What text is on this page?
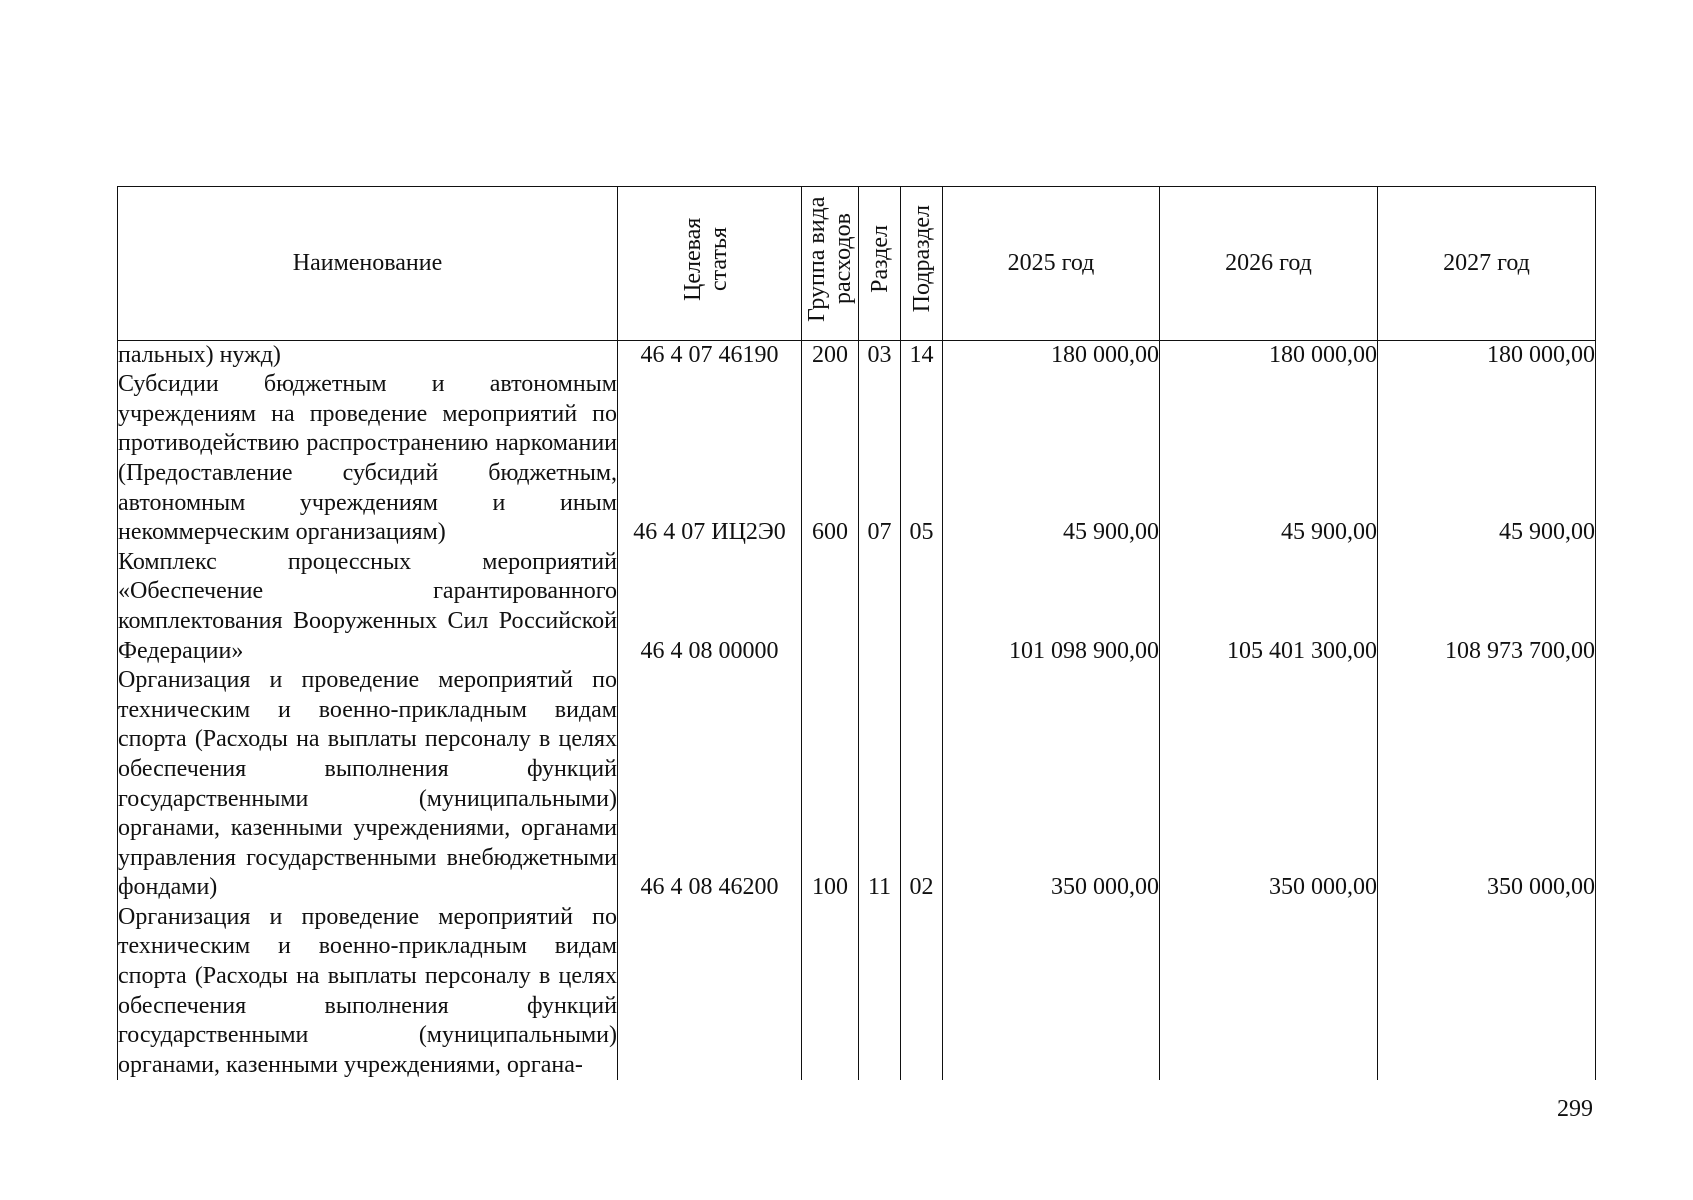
Наименование	Целевая статья	Группа вида расходов	Раздел	Подраздел	2025 год	2026 год	2027 год
пальных) нужд)	46 4 07 46190	200	03	14	180 000,00	180 000,00	180 000,00
Субсидии бюджетным и автономным учреждениям на проведение мероприятий по противодействию распространению наркомании (Предоставление субсидий бюджетным, автономным учреждениям и иным некоммерческим организациям)	46 4 07 ИЦ2Э0	600	07	05	45 900,00	45 900,00	45 900,00
Комплекс процессных мероприятий «Обеспечение гарантированного комплектования Вооруженных Сил Российской Федерации»	46 4 08 00000				101 098 900,00	105 401 300,00	108 973 700,00
Организация и проведение мероприятий по техническим и военно-прикладным видам спорта (Расходы на выплаты персоналу в целях обеспечения выполнения функций государственными (муниципальными) органами, казенными учреждениями, органами управления государственными внебюджетными фондами)	46 4 08 46200	100	11	02	350 000,00	350 000,00	350 000,00
Организация и проведение мероприятий по техническим и военно-прикладным видам спорта (Расходы на выплаты персоналу в целях обеспечения выполнения функций государственными (муниципальными) органами, казенными учреждениями, органа-							
299
